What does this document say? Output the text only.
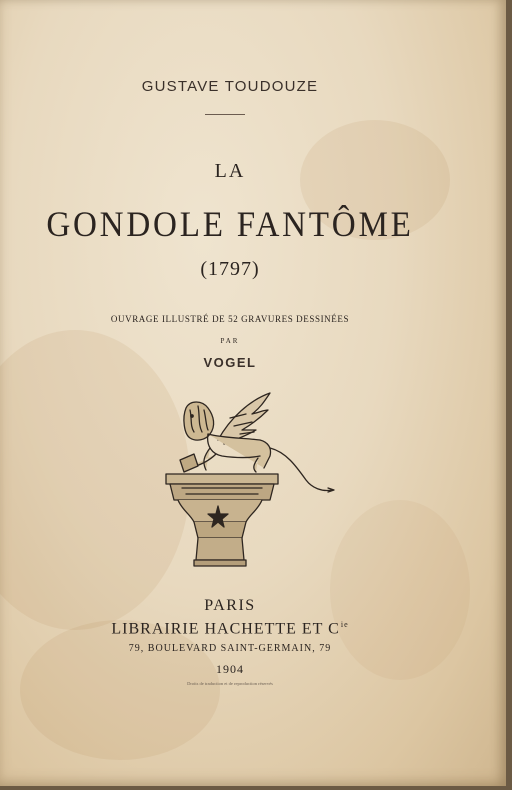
GUSTAVE TOUDOUZE
LA
GONDOLE FANTÔME
(1797)
OUVRAGE ILLUSTRÉ DE 52 GRAVURES DESSINÉES
PAR
VOGEL
PARIS
LIBRAIRIE HACHETTE ET $C^{ie}$
79, BOULEVARD SAINT-GERMAIN, 79
1904
Droits de traduction et de reproduction réservés
